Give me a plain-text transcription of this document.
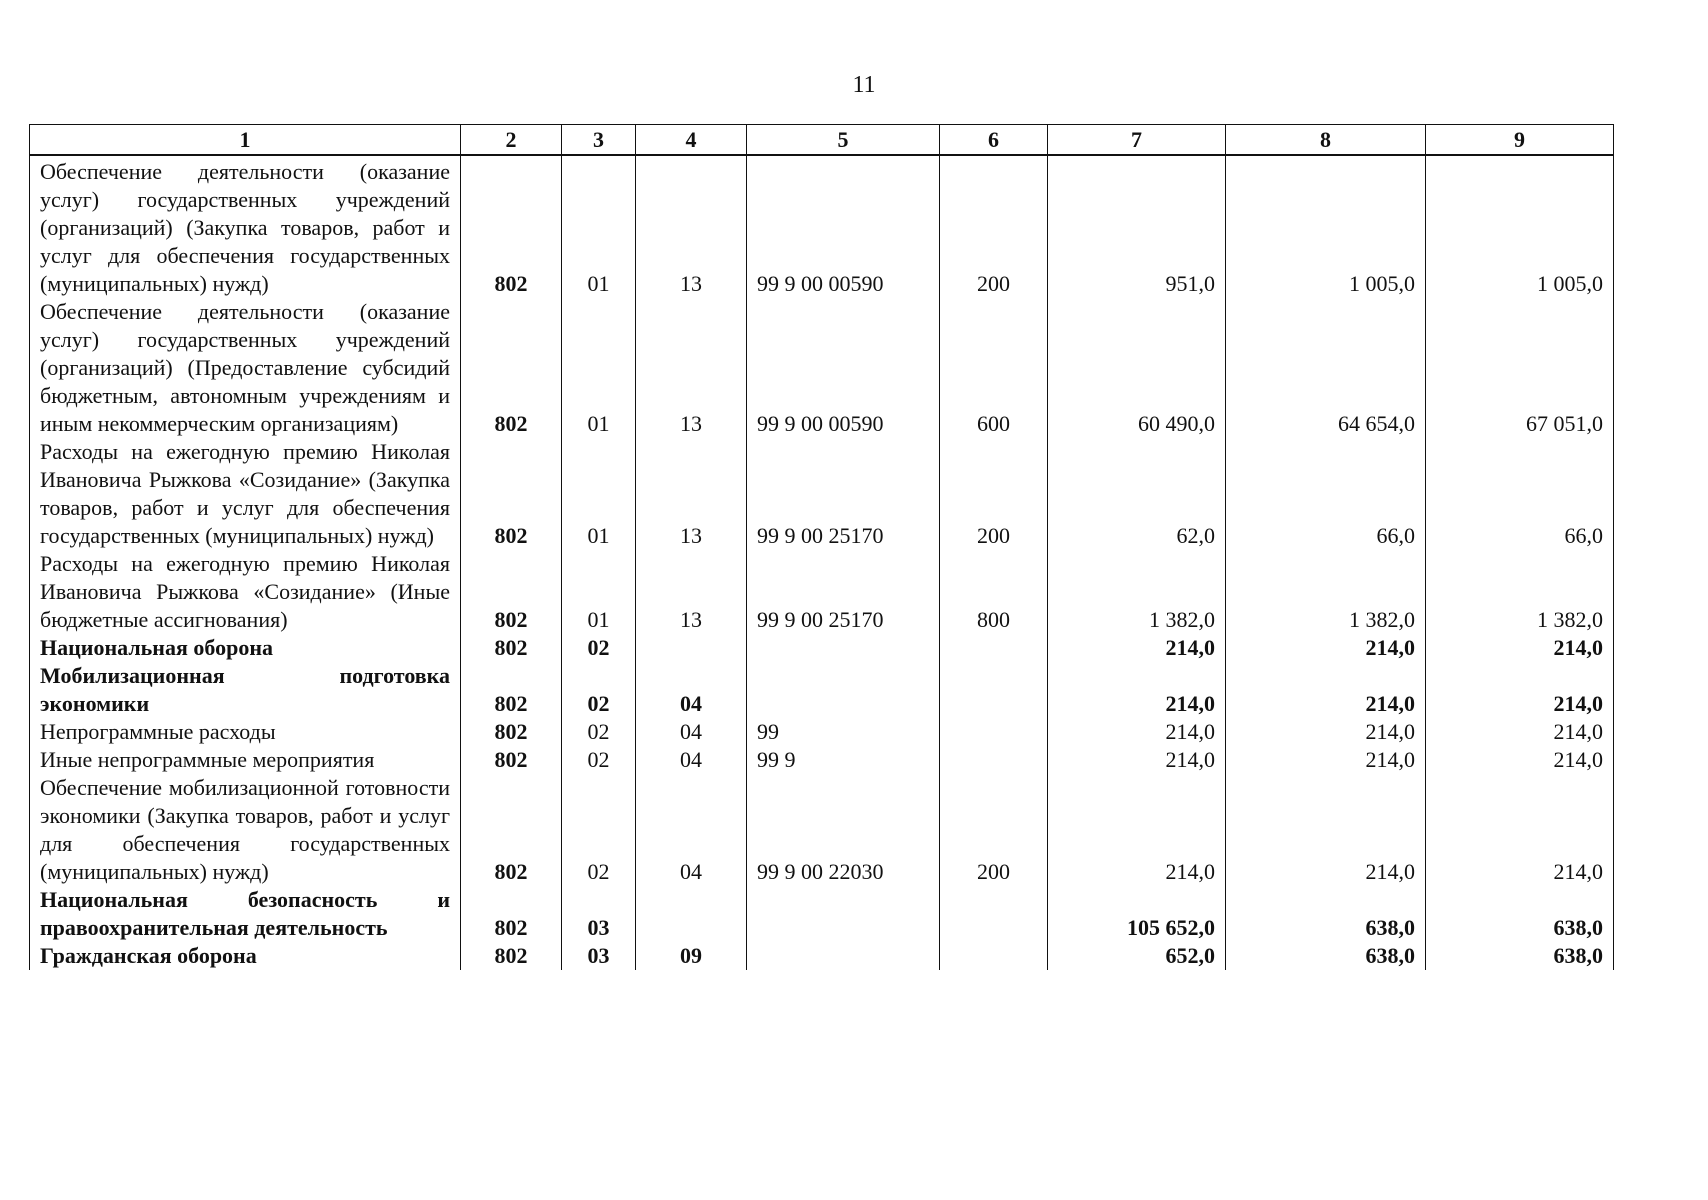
11
1	2	3	4	5	6	7	8	9
Обеспечение деятельности (оказание услуг) государственных учреждений (организаций) (Закупка товаров, работ и услуг для обеспечения государственных (муниципальных) нужд)	802	01	13	99 9 00 00590	200	951,0	1 005,0	1 005,0
Обеспечение деятельности (оказание услуг) государственных учреждений (организаций) (Предоставление субсидий бюджетным, автономным учреждениям и иным некоммерческим организациям)	802	01	13	99 9 00 00590	600	60 490,0	64 654,0	67 051,0
Расходы на ежегодную премию Николая Ивановича Рыжкова «Созидание» (Закупка товаров, работ и услуг для обеспечения государственных (муниципальных) нужд)	802	01	13	99 9 00 25170	200	62,0	66,0	66,0
Расходы на ежегодную премию Николая Ивановича Рыжкова «Созидание» (Иные бюджетные ассигнования)	802	01	13	99 9 00 25170	800	1 382,0	1 382,0	1 382,0
Национальная оборона	802	02				214,0	214,0	214,0
Мобилизационная подготовка экономики	802	02	04			214,0	214,0	214,0
Непрограммные расходы	802	02	04	99		214,0	214,0	214,0
Иные непрограммные мероприятия	802	02	04	99 9		214,0	214,0	214,0
Обеспечение мобилизационной готовности экономики (Закупка товаров, работ и услуг для обеспечения государственных (муниципальных) нужд)	802	02	04	99 9 00 22030	200	214,0	214,0	214,0
Национальная безопасность и правоохранительная деятельность	802	03				105 652,0	638,0	638,0
Гражданская оборона	802	03	09			652,0	638,0	638,0
